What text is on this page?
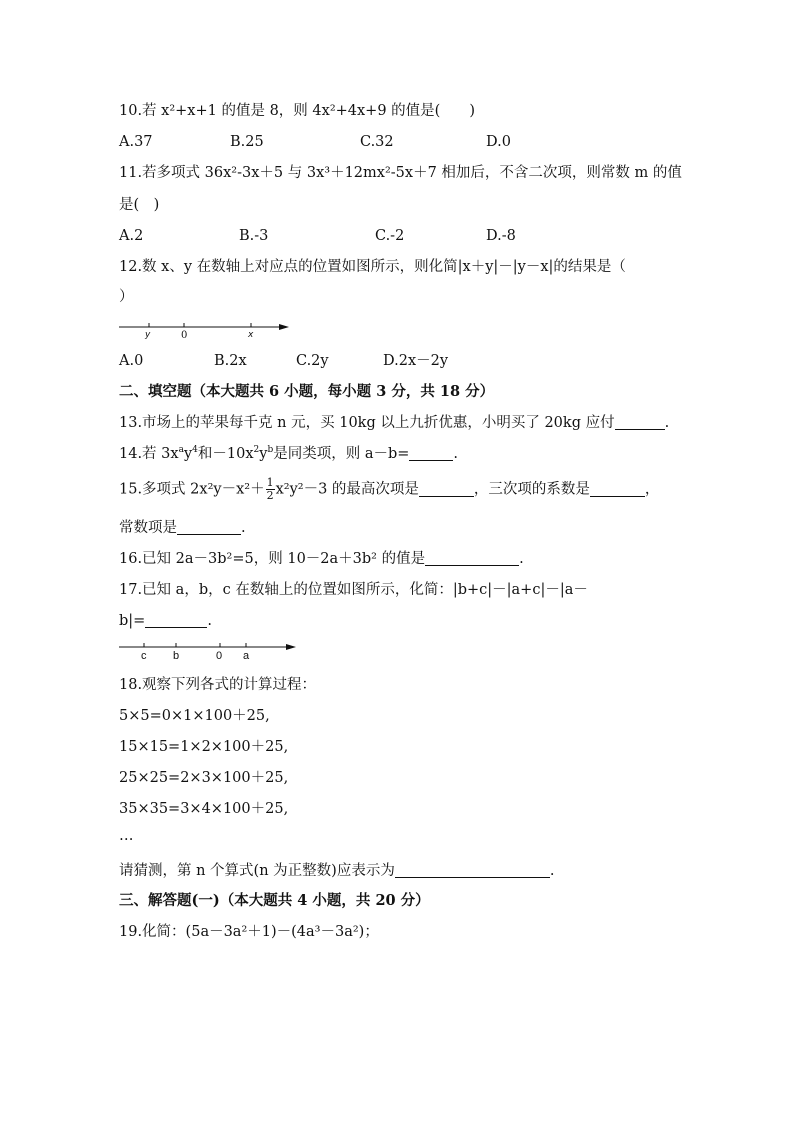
10.若 x²+x+1 的值是 8，则 4x²+4x+9 的值是(　　)
A.37	B.25	C.32	D.0
11.若多项式 36x²-3x＋5 与 3x³＋12mx²-5x＋7 相加后，不含二次项，则常数 m 的值
是(　)
A.2	B.-3	C.-2	D.-8
12.数 x、y 在数轴上对应点的位置如图所示，则化简|x＋y|－|y－x|的结果是（
）
y	0	x
A.0	B.2x	C.2y	D.2x－2y
二、填空题（本大题共 6 小题，每小题 3 分，共 18 分）
13.市场上的苹果每千克 n 元，买 10kg 以上九折优惠，小明买了 20kg 应付	.
14.若 $3x^ay^4$和$-10x^2y^b$是同类项，则 a－b=	.
15.多项式 $2x^2y-x^2+ \frac{1}{2} x^2y^2-3$ 的最高次项是	，三次项的系数是	，
常数项是	.
16.已知 2a－3b²=5，则 10－2a＋3b² 的值是	.
17.已知 a，b，c 在数轴上的位置如图所示，化简：|b+c|－|a+c|－|a－
b|=	.
c b	0 a
18.观察下列各式的计算过程：
5×5=0×1×100＋25,
15×15=1×2×100＋25,
25×25=2×3×100＋25,
35×35=3×4×100＋25,
…
请猜测，第 n 个算式(n 为正整数)应表示为	.
三、解答题(一)（本大题共 4 小题，共 20 分）
19.化简：(5a－3a²＋1)－(4a³－3a²)；
